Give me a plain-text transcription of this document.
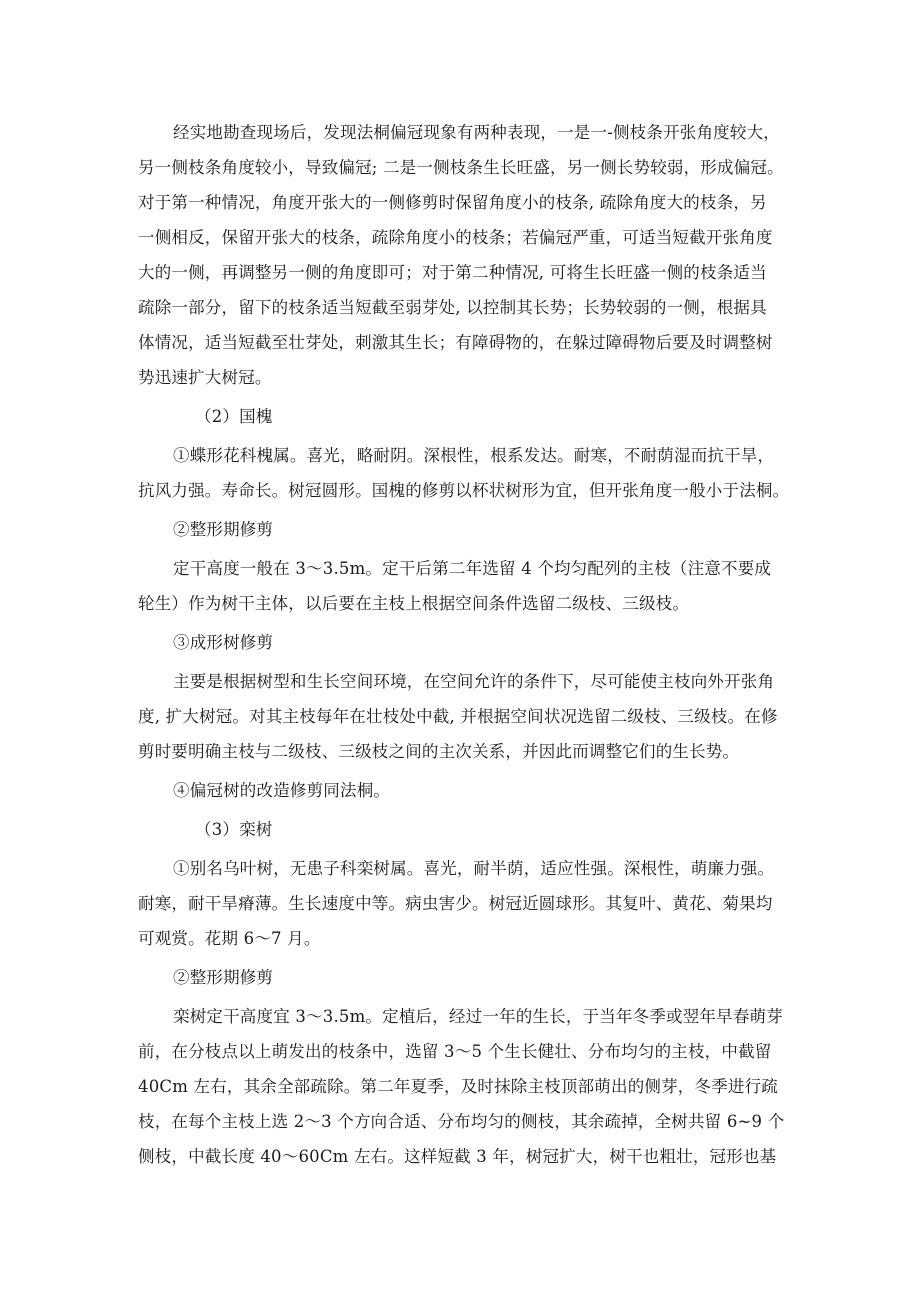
经实地勘查现场后，发现法桐偏冠现象有两种表现，一是一-侧枝条开张角度较大，
另一侧枝条角度较小，导致偏冠; 二是一侧枝条生长旺盛，另一侧长势较弱，形成偏冠。
对于第一种情况，角度开张大的一侧修剪时保留角度小的枝条, 疏除角度大的枝条，另
一侧相反，保留开张大的枝条，疏除角度小的枝条；若偏冠严重，可适当短截开张角度
大的一侧，再调整另一侧的角度即可；对于第二种情况, 可将生长旺盛一侧的枝条适当
疏除一部分，留下的枝条适当短截至弱芽处, 以控制其长势；长势较弱的一侧，根据具
体情况，适当短截至壮芽处，刺激其生长；有障碍物的，在躲过障碍物后要及时调整树
势迅速扩大树冠。
（2）国槐
①蝶形花科槐属。喜光，略耐阴。深根性，根系发达。耐寒，不耐荫湿而抗干旱，
抗风力强。寿命长。树冠圆形。国槐的修剪以杯状树形为宜，但开张角度一般小于法桐。
②整形期修剪
定干高度一般在 3～3.5m。定干后第二年选留 4 个均匀配列的主枝（注意不要成
轮生）作为树干主体，以后要在主枝上根据空间条件选留二级枝、三级枝。
③成形树修剪
主要是根据树型和生长空间环境，在空间允许的条件下，尽可能使主枝向外开张角
度, 扩大树冠。对其主枝每年在壮枝处中截, 并根据空间状况选留二级枝、三级枝。在修
剪时要明确主枝与二级枝、三级枝之间的主次关系，并因此而调整它们的生长势。
④偏冠树的改造修剪同法桐。
（3）栾树
①别名乌叶树，无患子科栾树属。喜光，耐半荫，适应性强。深根性，萌廉力强。
耐寒，耐干旱瘠薄。生长速度中等。病虫害少。树冠近圆球形。其复叶、黄花、菊果均
可观赏。花期 6～7 月。
②整形期修剪
栾树定干高度宜 3～3.5m。定植后，经过一年的生长，于当年冬季或翌年早春萌芽
前，在分枝点以上萌发出的枝条中，选留 3～5 个生长健壮、分布均匀的主枝，中截留
40Cm 左右，其余全部疏除。第二年夏季，及时抹除主枝顶部萌出的侧芽，冬季进行疏
枝，在每个主枝上选 2～3 个方向合适、分布均匀的侧枝，其余疏掉，全树共留 6~9 个
侧枝，中截长度 40～60Cm 左右。这样短截 3 年，树冠扩大，树干也粗壮，冠形也基
